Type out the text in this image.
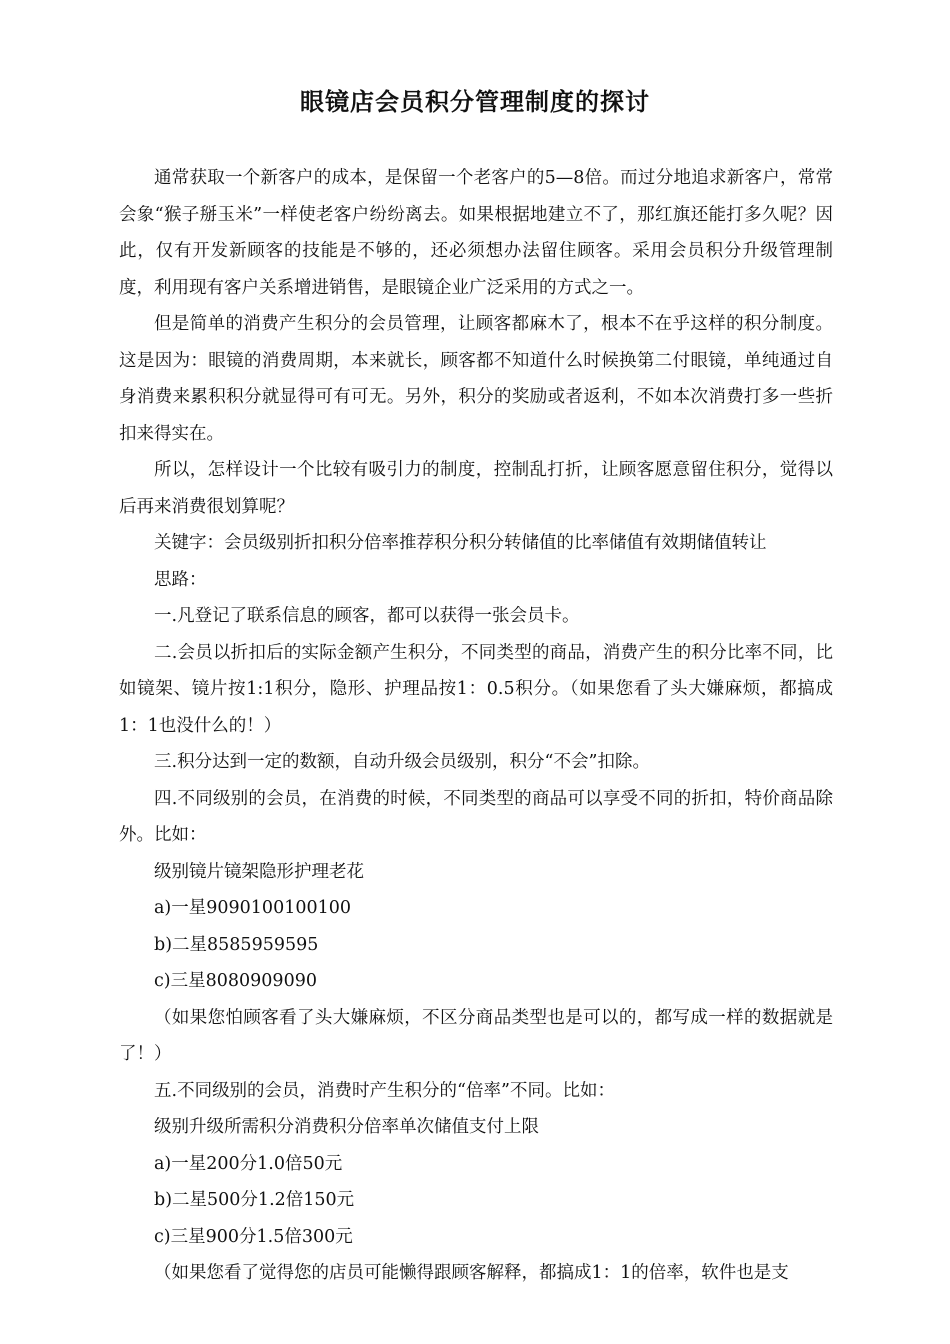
眼镜店会员积分管理制度的探讨

通常获取一个新客户的成本，是保留一个老客户的5—8倍。而过分地追求新客户，常常会象“猴子掰玉米”一样使老客户纷纷离去。如果根据地建立不了，那红旗还能打多久呢？因此，仅有开发新顾客的技能是不够的，还必须想办法留住顾客。采用会员积分升级管理制度，利用现有客户关系增进销售，是眼镜企业广泛采用的方式之一。

但是简单的消费产生积分的会员管理，让顾客都麻木了，根本不在乎这样的积分制度。这是因为：眼镜的消费周期，本来就长，顾客都不知道什么时候换第二付眼镜，单纯通过自身消费来累积积分就显得可有可无。另外，积分的奖励或者返利，不如本次消费打多一些折扣来得实在。

所以，怎样设计一个比较有吸引力的制度，控制乱打折，让顾客愿意留住积分，觉得以后再来消费很划算呢？

关键字：会员级别折扣积分倍率推荐积分积分转储值的比率储值有效期储值转让

思路：

一.凡登记了联系信息的顾客，都可以获得一张会员卡。

二.会员以折扣后的实际金额产生积分，不同类型的商品，消费产生的积分比率不同，比如镜架、镜片按1:1积分，隐形、护理品按1：0.5积分。（如果您看了头大嫌麻烦，都搞成1：1也没什么的！）

三.积分达到一定的数额，自动升级会员级别，积分“不会”扣除。

四.不同级别的会员，在消费的时候，不同类型的商品可以享受不同的折扣，特价商品除外。比如：

级别镜片镜架隐形护理老花

a)一星9090100100100

b)二星8585959595

c)三星8080909090

（如果您怕顾客看了头大嫌麻烦，不区分商品类型也是可以的，都写成一样的数据就是了！）

五.不同级别的会员，消费时产生积分的“倍率”不同。比如：

级别升级所需积分消费积分倍率单次储值支付上限

a)一星200分1.0倍50元

b)二星500分1.2倍150元

c)三星900分1.5倍300元

（如果您看了觉得您的店员可能懒得跟顾客解释，都搞成1：1的倍率，软件也是支
